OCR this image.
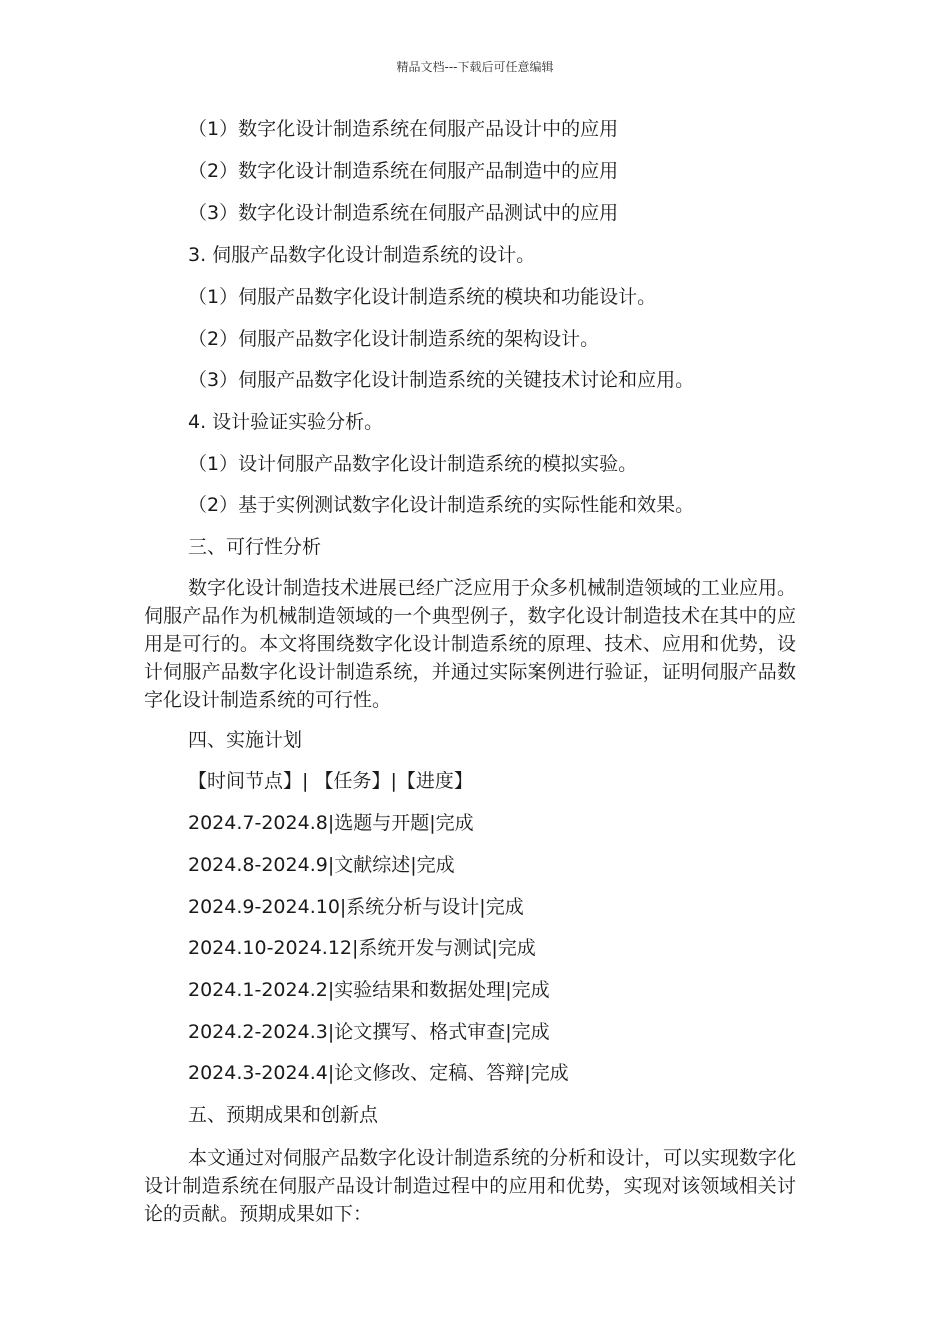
精品文档---下载后可任意编辑
（1）数字化设计制造系统在伺服产品设计中的应用
（2）数字化设计制造系统在伺服产品制造中的应用
（3）数字化设计制造系统在伺服产品测试中的应用
3. 伺服产品数字化设计制造系统的设计。
（1）伺服产品数字化设计制造系统的模块和功能设计。
（2）伺服产品数字化设计制造系统的架构设计。
（3）伺服产品数字化设计制造系统的关键技术讨论和应用。
4. 设计验证实验分析。
（1）设计伺服产品数字化设计制造系统的模拟实验。
（2）基于实例测试数字化设计制造系统的实际性能和效果。
三、可行性分析
数字化设计制造技术进展已经广泛应用于众多机械制造领域的工业应用。伺服产品作为机械制造领域的一个典型例子，数字化设计制造技术在其中的应用是可行的。本文将围绕数字化设计制造系统的原理、技术、应用和优势，设计伺服产品数字化设计制造系统，并通过实际案例进行验证，证明伺服产品数字化设计制造系统的可行性。
四、实施计划
【时间节点】| 【任务】|【进度】
2024.7-2024.8|选题与开题|完成
2024.8-2024.9|文献综述|完成
2024.9-2024.10|系统分析与设计|完成
2024.10-2024.12|系统开发与测试|完成
2024.1-2024.2|实验结果和数据处理|完成
2024.2-2024.3|论文撰写、格式审查|完成
2024.3-2024.4|论文修改、定稿、答辩|完成
五、预期成果和创新点
本文通过对伺服产品数字化设计制造系统的分析和设计，可以实现数字化设计制造系统在伺服产品设计制造过程中的应用和优势，实现对该领域相关讨论的贡献。预期成果如下：
